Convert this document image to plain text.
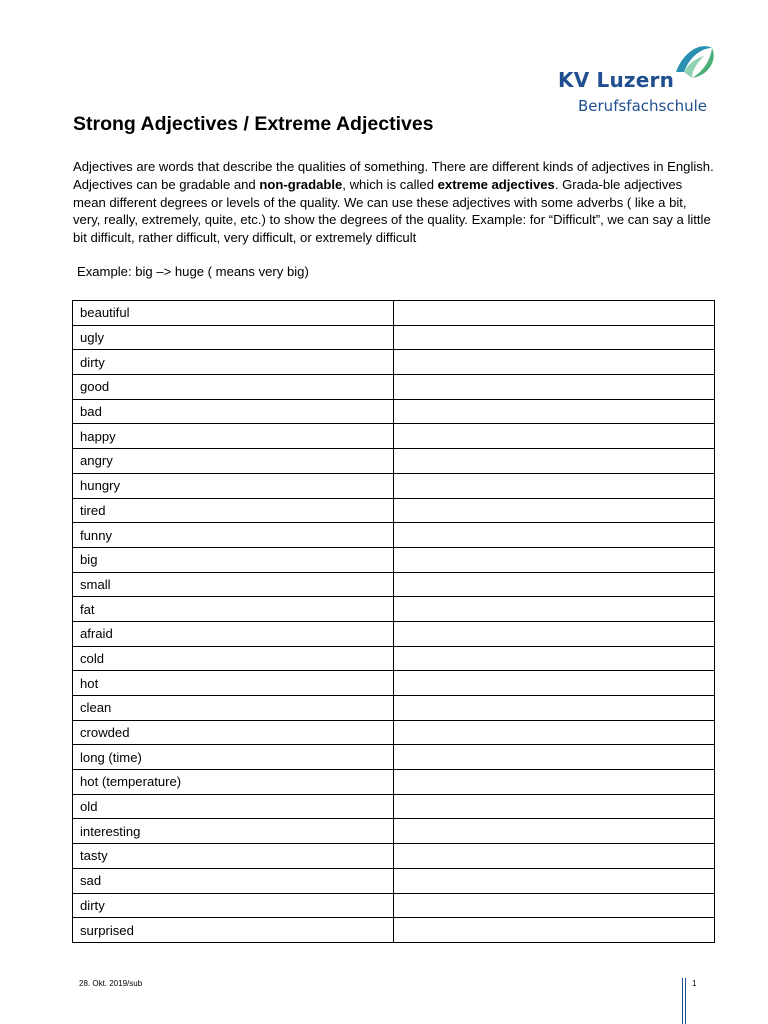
KV Luzern
Berufsfachschule
Strong Adjectives / Extreme Adjectives

Adjectives are words that describe the qualities of something. There are different kinds of adjectives in English. Adjectives can be gradable and non-gradable, which is called extreme adjectives. Grada-ble adjectives mean different degrees or levels of the quality. We can use these adjectives with some adverbs ( like a bit, very, really, extremely, quite, etc.) to show the degrees of the quality. Example: for “Difficult”, we can say a little bit difficult, rather difficult, very difficult, or extremely difficult

Example: big –> huge ( means very big)

beautiful	
ugly	
dirty	
good	
bad	
happy	
angry	
hungry	
tired	
funny	
big	
small	
fat	
afraid	
cold	
hot	
clean	
crowded	
long (time)	
hot (temperature)	
old	
interesting	
tasty	
sad	
dirty	
surprised	
28. Okt. 2019/sub	1
